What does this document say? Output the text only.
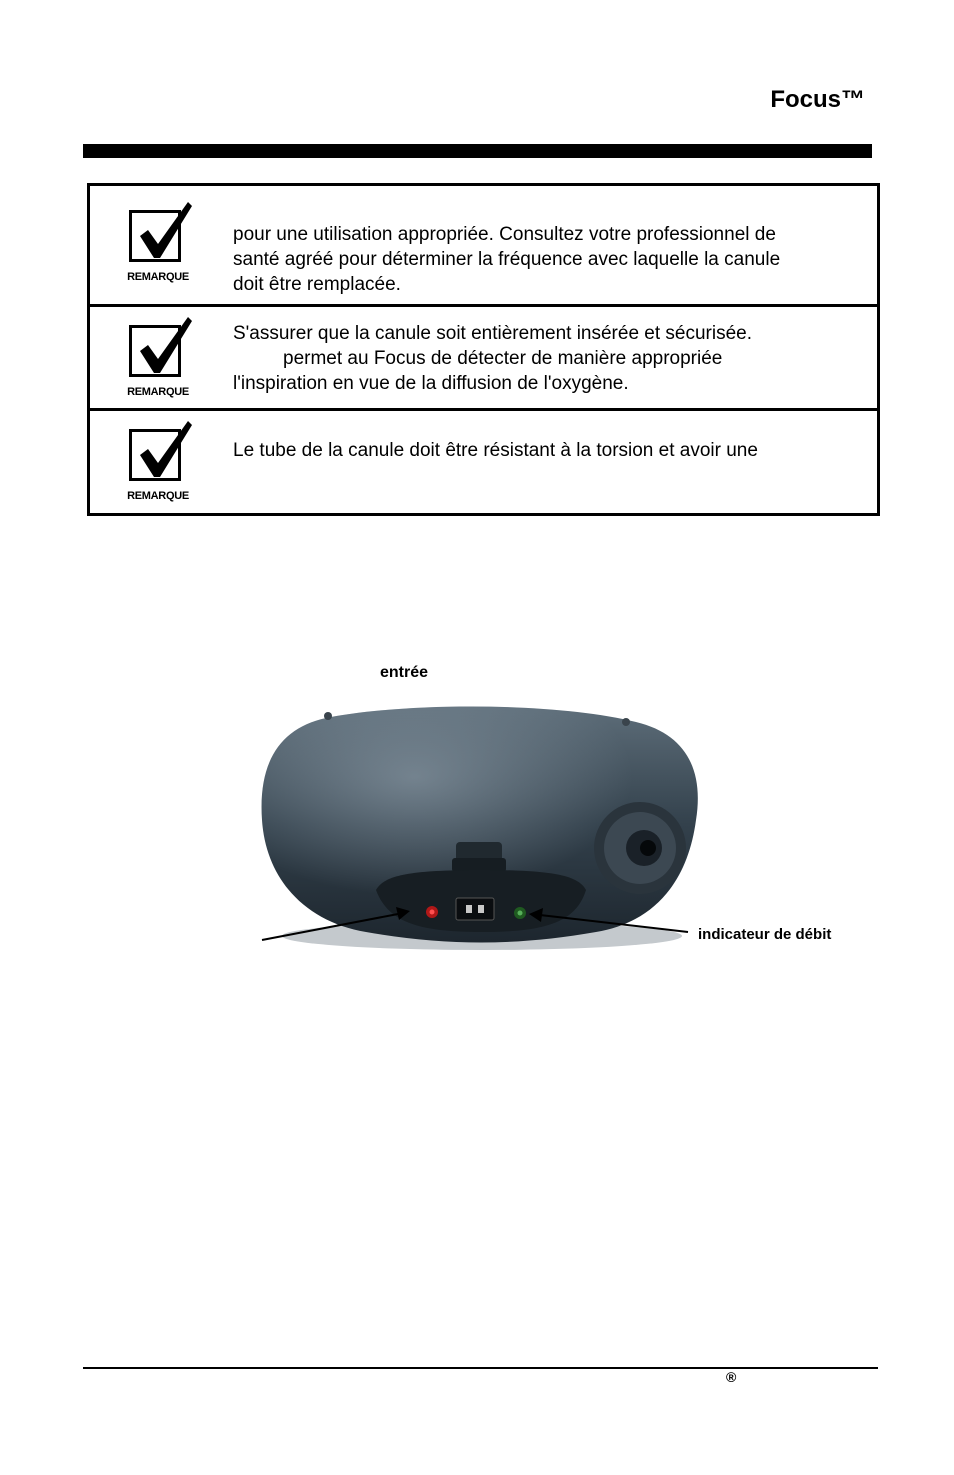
Focus™
REMARQUE
pour une utilisation appropriée. Consultez votre professionnel de
santé agréé pour déterminer la fréquence avec laquelle la canule
doit être remplacée.
REMARQUE
S'assurer que la canule soit entièrement insérée et sécurisée.
permet au Focus de détecter de manière appropriée
l'inspiration en vue de la diffusion de l'oxygène.
REMARQUE
Le tube de la canule doit être résistant à la torsion et avoir une
entrée
indicateur de débit
®
